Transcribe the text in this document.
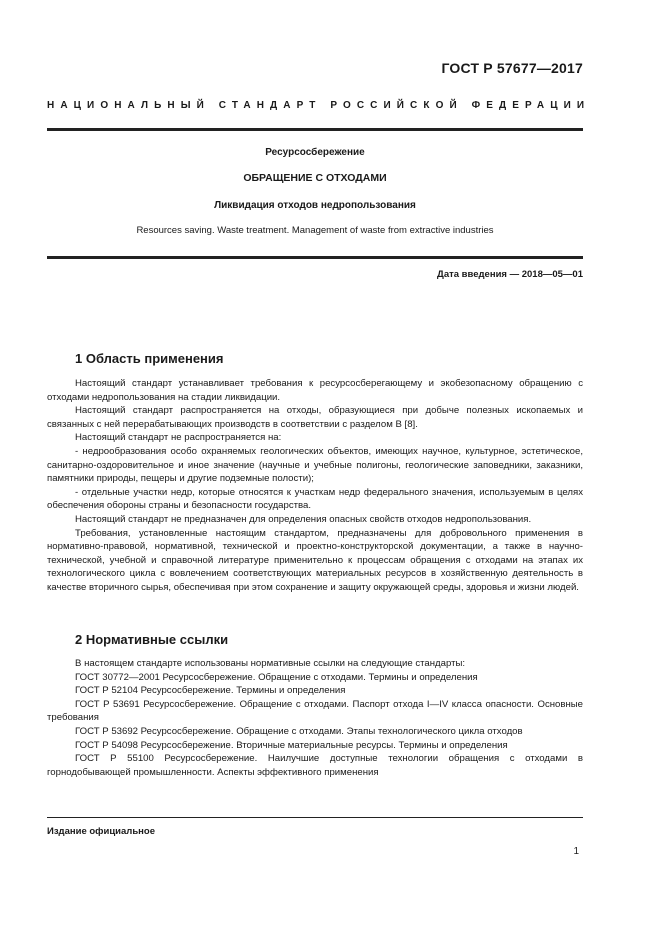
ГОСТ Р 57677—2017
НАЦИОНАЛЬНЫЙ СТАНДАРТ РОССИЙСКОЙ ФЕДЕРАЦИИ
Ресурсосбережение
ОБРАЩЕНИЕ С ОТХОДАМИ
Ликвидация отходов недропользования
Resources saving. Waste treatment. Management of waste from extractive industries
Дата введения — 2018—05—01
1 Область применения

Настоящий стандарт устанавливает требования к ресурсосберегающему и экобезопасному обращению с отходами недропользования на стадии ликвидации.

Настоящий стандарт распространяется на отходы, образующиеся при добыче полезных ископаемых и связанных с ней перерабатывающих производств в соответствии с разделом В [8].

Настоящий стандарт не распространяется на:

- недрообразования особо охраняемых геологических объектов, имеющих научное, культурное, эстетическое, санитарно-оздоровительное и иное значение (научные и учебные полигоны, геологические заповедники, заказники, памятники природы, пещеры и другие подземные полости);

- отдельные участки недр, которые относятся к участкам недр федерального значения, используемым в целях обеспечения обороны страны и безопасности государства.

Настоящий стандарт не предназначен для определения опасных свойств отходов недропользования.

Требования, установленные настоящим стандартом, предназначены для добровольного применения в нормативно-правовой, нормативной, технической и проектно-конструкторской документации, а также в научно-технической, учебной и справочной литературе применительно к процессам обращения с отходами на этапах их технологического цикла с вовлечением соответствующих материальных ресурсов в хозяйственную деятельность в качестве вторичного сырья, обеспечивая при этом сохранение и защиту окружающей среды, здоровья и жизни людей.

2 Нормативные ссылки

В настоящем стандарте использованы нормативные ссылки на следующие стандарты:

ГОСТ 30772—2001 Ресурсосбережение. Обращение с отходами. Термины и определения

ГОСТ Р 52104 Ресурсосбережение. Термины и определения

ГОСТ Р 53691 Ресурсосбережение. Обращение с отходами. Паспорт отхода I—IV класса опасности. Основные требования

ГОСТ Р 53692 Ресурсосбережение. Обращение с отходами. Этапы технологического цикла отходов

ГОСТ Р 54098 Ресурсосбережение. Вторичные материальные ресурсы. Термины и определения

ГОСТ Р 55100 Ресурсосбережение. Наилучшие доступные технологии обращения с отходами в горнодобывающей промышленности. Аспекты эффективного применения

Издание официальное
1
